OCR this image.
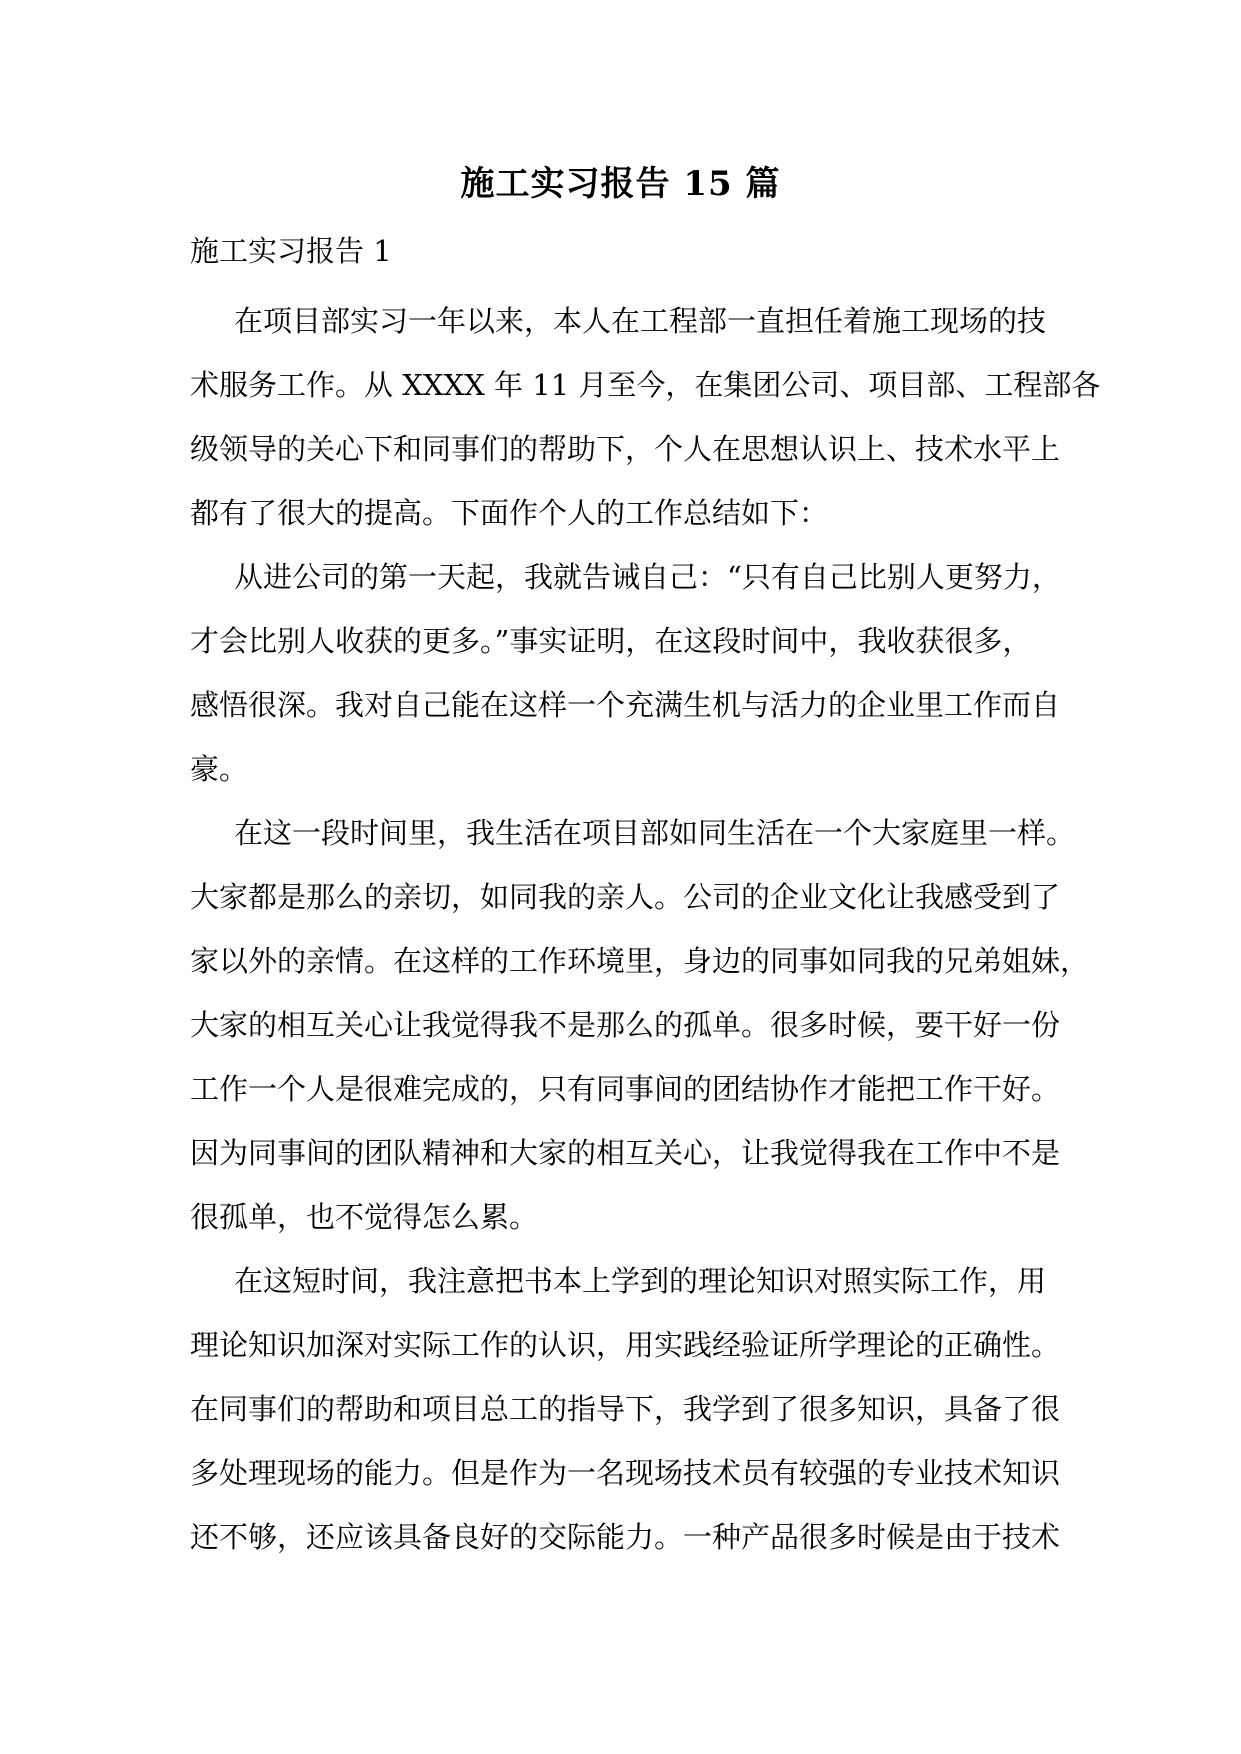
施工实习报告 15 篇
施工实习报告 1
在项目部实习一年以来，本人在工程部一直担任着施工现场的技
术服务工作。从 XXXX 年 11 月至今，在集团公司、项目部、工程部各
级领导的关心下和同事们的帮助下，个人在思想认识上、技术水平上
都有了很大的提高。下面作个人的工作总结如下：
从进公司的第一天起，我就告诫自己：“只有自己比别人更努力，
才会比别人收获的更多。”事实证明，在这段时间中，我收获很多，
感悟很深。我对自己能在这样一个充满生机与活力的企业里工作而自
豪。
在这一段时间里，我生活在项目部如同生活在一个大家庭里一样。
大家都是那么的亲切，如同我的亲人。公司的企业文化让我感受到了
家以外的亲情。在这样的工作环境里，身边的同事如同我的兄弟姐妹，
大家的相互关心让我觉得我不是那么的孤单。很多时候，要干好一份
工作一个人是很难完成的，只有同事间的团结协作才能把工作干好。
因为同事间的团队精神和大家的相互关心，让我觉得我在工作中不是
很孤单，也不觉得怎么累。
在这短时间，我注意把书本上学到的理论知识对照实际工作，用
理论知识加深对实际工作的认识，用实践经验证所学理论的正确性。
在同事们的帮助和项目总工的指导下，我学到了很多知识，具备了很
多处理现场的能力。但是作为一名现场技术员有较强的专业技术知识
还不够，还应该具备良好的交际能力。一种产品很多时候是由于技术
